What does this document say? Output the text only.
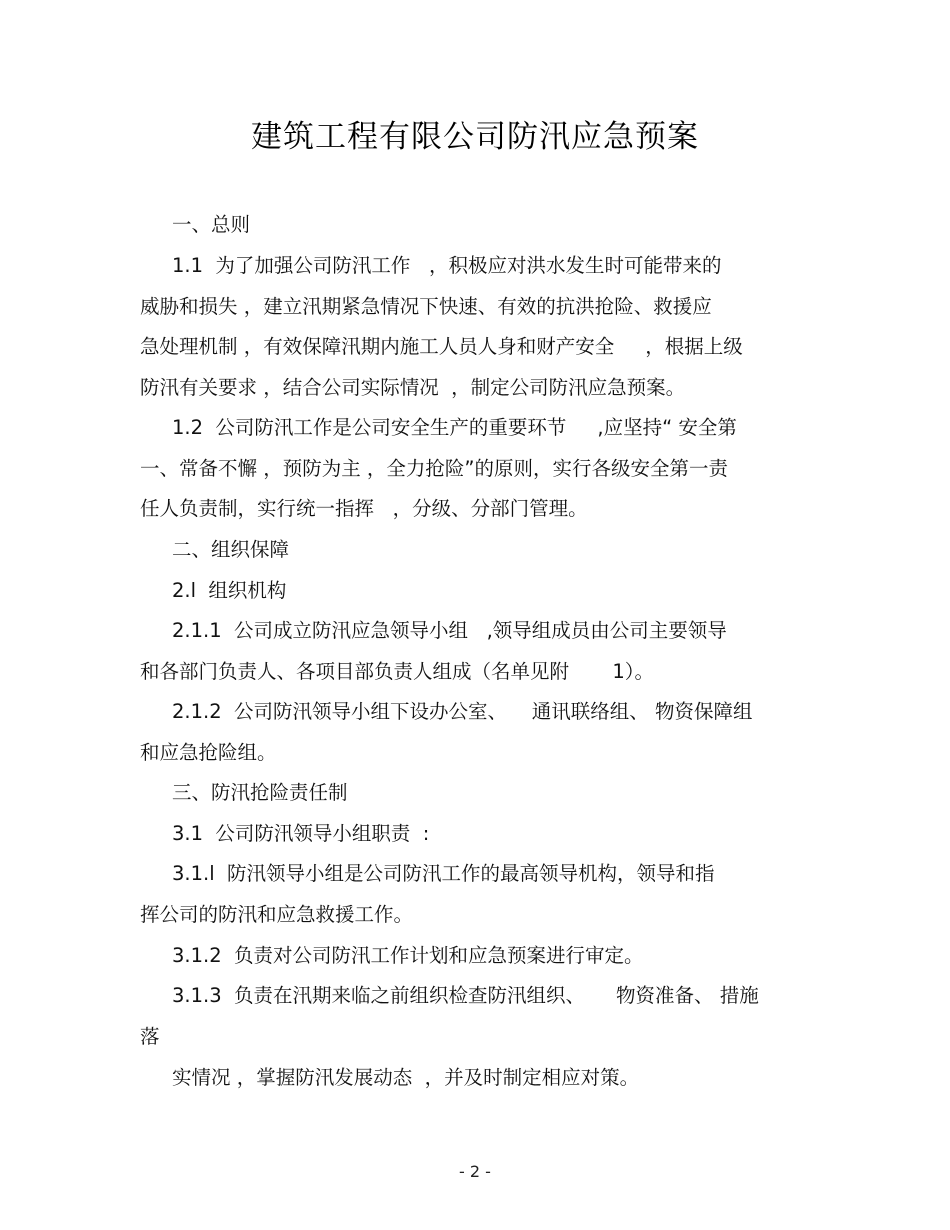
建筑工程有限公司防汛应急预案
一、总则
1.1  为了加强公司防汛工作   ，积极应对洪水发生时可能带来的
威胁和损失 ，建立汛期紧急情况下快速、有效的抗洪抢险、救援应
急处理机制 ，有效保障汛期内施工人员人身和财产安全     ，根据上级
防汛有关要求 ，结合公司实际情况  ，制定公司防汛应急预案。
1.2  公司防汛工作是公司安全生产的重要环节     ,应坚持“ 安全第
一、常备不懈 ，预防为主 ，全力抢险”的原则，实行各级安全第一责
任人负责制，实行统一指挥   ，分级、分部门管理。
二、组织保障
2.l  组织机构
2.1.1  公司成立防汛应急领导小组   ,领导组成员由公司主要领导
和各部门负责人、各项目部负责人组成（名单见附       1）。
2.1.2  公司防汛领导小组下设办公室、    通讯联络组、 物资保障组
和应急抢险组。
三、防汛抢险责任制
3.1  公司防汛领导小组职责  :
3.1.l  防汛领导小组是公司防汛工作的最高领导机构，领导和指
挥公司的防汛和应急救援工作。
3.1.2  负责对公司防汛工作计划和应急预案进行审定。
3.1.3  负责在汛期来临之前组织检查防汛组织、     物资准备、 措施
落
实情况 ，掌握防汛发展动态  ，并及时制定相应对策。
- 2 -
